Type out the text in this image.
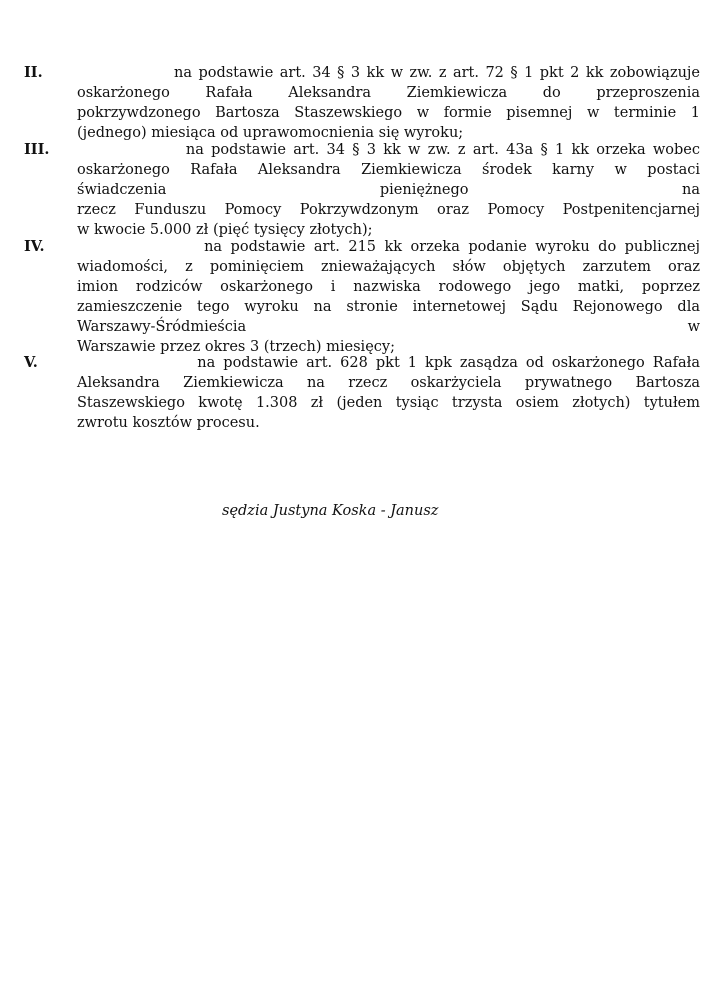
II. na podstawie art. 34 § 3 kk w zw. z art. 72 § 1 pkt 2 kk zobowiązuje
oskarżonego Rafała Aleksandra Ziemkiewicza do przeproszenia
pokrzywdzonego Bartosza Staszewskiego w formie pisemnej w terminie 1
(jednego) miesiąca od uprawomocnienia się wyroku;
III. na podstawie art. 34 § 3 kk w zw. z art. 43a § 1 kk orzeka wobec
oskarżonego Rafała Aleksandra Ziemkiewicza środek karny w postaci
świadczenia pieniężnego na
rzecz Funduszu Pomocy Pokrzywdzonym oraz Pomocy Postpenitencjarnej
w kwocie 5.000 zł (pięć tysięcy złotych);
IV. na podstawie art. 215 kk orzeka podanie wyroku do publicznej
wiadomości, z pominięciem znieważających słów objętych zarzutem oraz
imion rodziców oskarżonego i nazwiska rodowego jego matki, poprzez
zamieszczenie tego wyroku na stronie internetowej Sądu Rejonowego dla
Warszawy-Śródmieścia w
Warszawie przez okres 3 (trzech) miesięcy;
V.	na podstawie art. 628 pkt 1 kpk zasądza od oskarżonego Rafała
Aleksandra Ziemkiewicza na rzecz oskarżyciela prywatnego Bartosza
Staszewskiego kwotę 1.308 zł (jeden tysiąc trzysta osiem złotych) tytułem
zwrotu kosztów procesu.
sędzia Justyna Koska - Janusz
